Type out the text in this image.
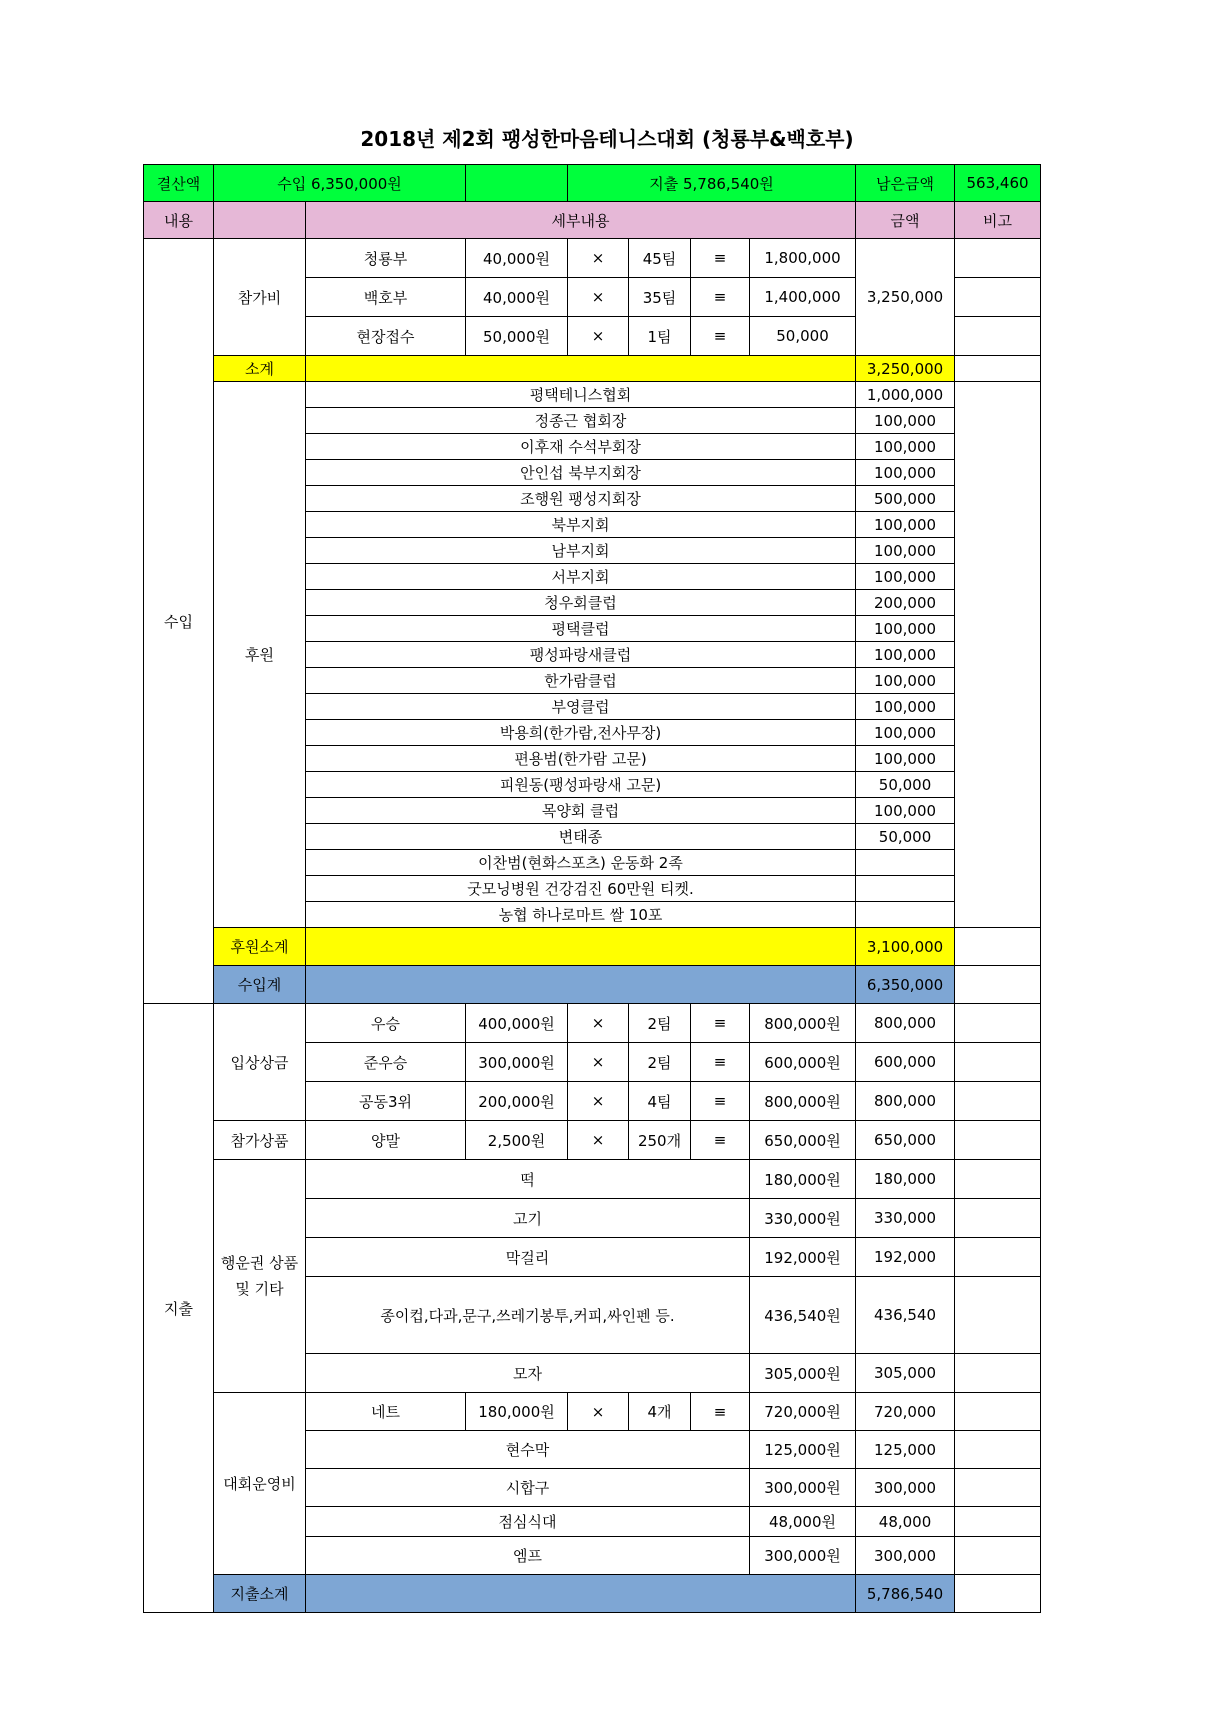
2018년 제2회 팽성한마음테니스대회 (청룡부&백호부)
결산액	수입 6,350,000원			지출 5,786,540원				남은금액	563,460
내용		세부내용						금액	비고
수입	참가비	청룡부	40,000원	×	45팀	≡	1,800,000	3,250,000	
		백호부	40,000원	×	35팀	≡	1,400,000		
		현장접수	50,000원	×	1팀	≡	50,000		
	소계							3,250,000	
	후원	평택테니스협회						1,000,000	
		정종근 협회장						100,000	
		이후재 수석부회장						100,000	
		안인섭 북부지회장						100,000	
		조행원 팽성지회장						500,000	
		북부지회						100,000	
		남부지회						100,000	
		서부지회						100,000	
		청우회클럽						200,000	
		평택클럽						100,000	
		팽성파랑새클럽						100,000	
		한가람클럽						100,000	
		부영클럽						100,000	
		박용희(한가람,전사무장)						100,000	
		편용범(한가람 고문)						100,000	
		피원동(팽성파랑새 고문)						50,000	
		목양회 클럽						100,000	
		변태종						50,000	
		이찬범(현화스포츠) 운동화 2족							
		굿모닝병원 건강검진 60만원 티켓.							
		농협 하나로마트 쌀 10포							
	후원소계							3,100,000	
	수입계							6,350,000	
지출	입상상금	우승	400,000원	×	2팀	≡	800,000원	800,000	
		준우승	300,000원	×	2팀	≡	600,000원	600,000	
		공동3위	200,000원	×	4팀	≡	800,000원	800,000	
	참가상품	양말	2,500원	×	250개	≡	650,000원	650,000	
	행운권 상품 및 기타	떡					180,000원	180,000	
		고기					330,000원	330,000	
		막걸리					192,000원	192,000	
		종이컵,다과,문구,쓰레기봉투,커피,싸인펜 등.					436,540원	436,540	
		모자					305,000원	305,000	
	대회운영비	네트	180,000원	×	4개	≡	720,000원	720,000	
		현수막					125,000원	125,000	
		시합구					300,000원	300,000	
		점심식대					48,000원	48,000	
		엠프					300,000원	300,000	
	지출소계							5,786,540	
